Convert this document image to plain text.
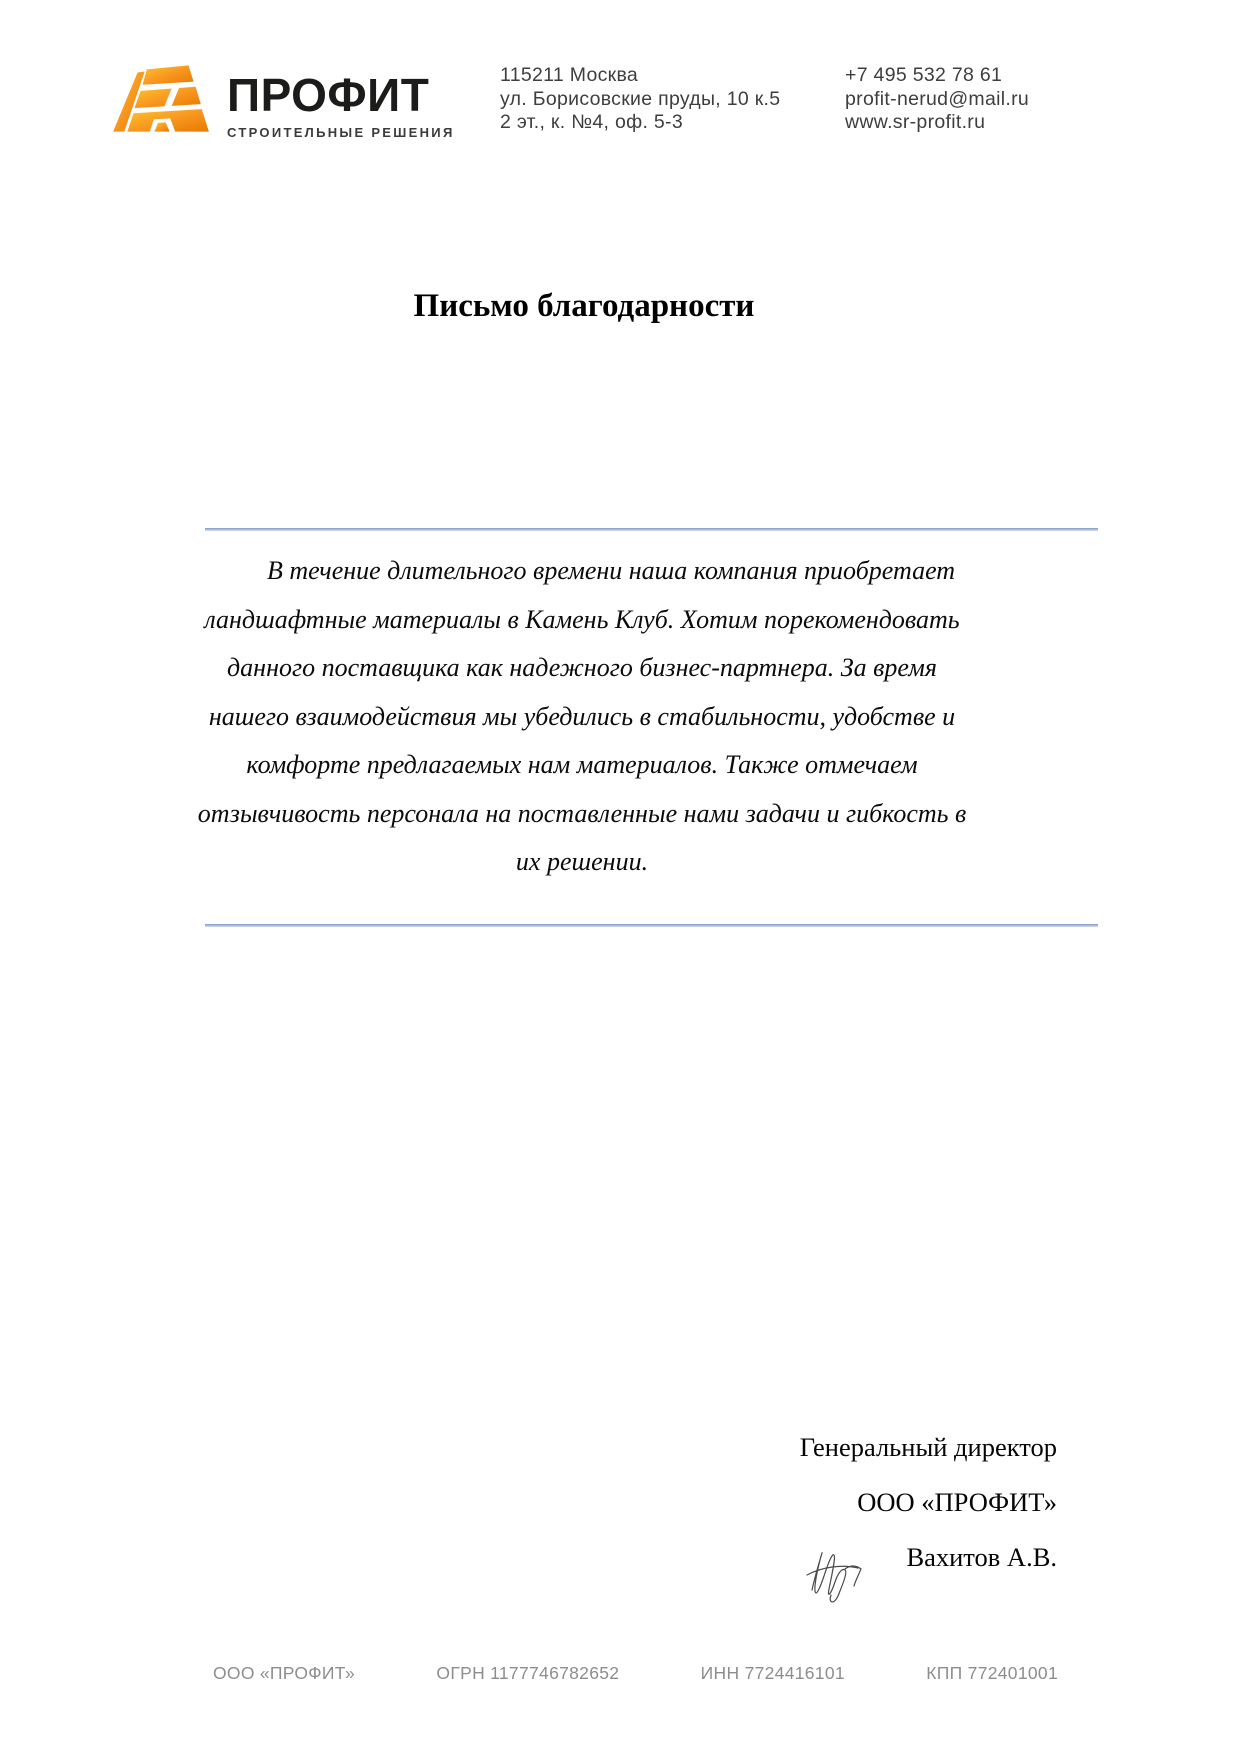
ПРОФИТ
СТРОИТЕЛЬНЫЕ РЕШЕНИЯ
115211 Москва
ул. Борисовские пруды, 10 к.5
2 эт., к. №4, оф. 5-3
+7 495 532 78 61
profit-nerud@mail.ru
www.sr-profit.ru
Письмо благодарности
В течение длительного времени наша компания приобретает
ландшафтные материалы в Камень Клуб. Хотим порекомендовать
данного поставщика как надежного бизнес-партнера. За время
нашего взаимодействия мы убедились в стабильности, удобстве и
комфорте предлагаемых нам материалов. Также отмечаем
отзывчивость персонала на поставленные нами задачи и гибкость в
их решении.
Генеральный директор
ООО «ПРОФИТ»
Вахитов А.В.
ООО «ПРОФИТ»	ОГРН 1177746782652	ИНН 7724416101	КПП 772401001
